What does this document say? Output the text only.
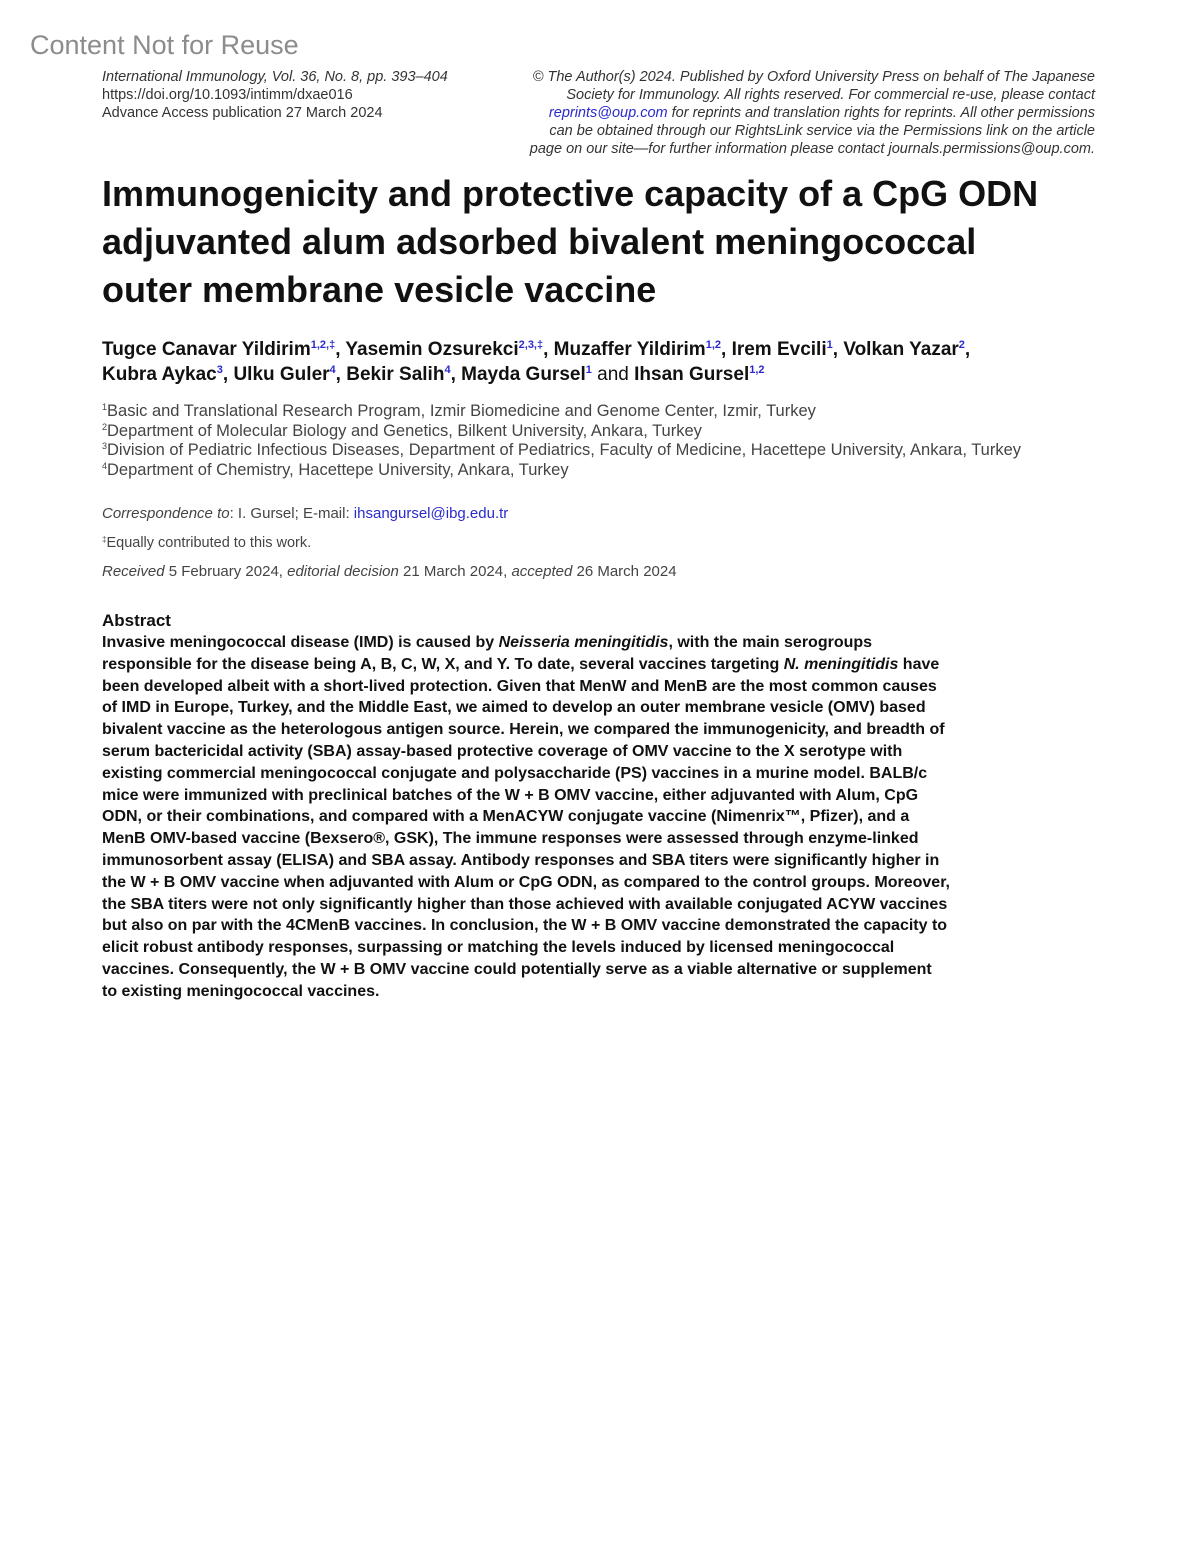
Content Not for Reuse
International Immunology, Vol. 36, No. 8, pp. 393–404
https://doi.org/10.1093/intimm/dxae016
Advance Access publication 27 March 2024
© The Author(s) 2024. Published by Oxford University Press on behalf of The Japanese
Society for Immunology. All rights reserved. For commercial re-use, please contact
reprints@oup.com for reprints and translation rights for reprints. All other permissions
can be obtained through our RightsLink service via the Permissions link on the article
page on our site—for further information please contact journals.permissions@oup.com.
Immunogenicity and protective capacity of a CpG ODN adjuvanted alum adsorbed bivalent meningococcal outer membrane vesicle vaccine
Tugce Canavar Yildirim$^{1,2,\ddagger}$, Yasemin Ozsurekci$^{2,3,\ddagger}$, Muzaffer Yildirim$^{1,2}$, Irem Evcili$^1$, Volkan Yazar$^2$,
Kubra Aykac$^3$, Ulku Guler$^4$, Bekir Salih$^4$, Mayda Gursel$^1$ and Ihsan Gursel$^{1,2}$
$^1$Basic and Translational Research Program, Izmir Biomedicine and Genome Center, Izmir, Turkey
$^2$Department of Molecular Biology and Genetics, Bilkent University, Ankara, Turkey
$^3$Division of Pediatric Infectious Diseases, Department of Pediatrics, Faculty of Medicine, Hacettepe University, Ankara, Turkey
$^4$Department of Chemistry, Hacettepe University, Ankara, Turkey
Correspondence to: I. Gursel; E-mail: ihsangursel@ibg.edu.tr
‡Equally contributed to this work.
Received 5 February 2024, editorial decision 21 March 2024, accepted 26 March 2024
Abstract

Invasive meningococcal disease (IMD) is caused by Neisseria meningitidis, with the main serogroups responsible for the disease being A, B, C, W, X, and Y. To date, several vaccines targeting N. meningitidis have been developed albeit with a short-lived protection. Given that MenW and MenB are the most common causes of IMD in Europe, Turkey, and the Middle East, we aimed to develop an outer membrane vesicle (OMV) based bivalent vaccine as the heterologous antigen source. Herein, we compared the immunogenicity, and breadth of serum bactericidal activity (SBA) assay-based protective coverage of OMV vaccine to the X serotype with existing commercial meningococcal conjugate and polysaccharide (PS) vaccines in a murine model. BALB/c mice were immunized with preclinical batches of the W + B OMV vaccine, either adjuvanted with Alum, CpG ODN, or their combinations, and compared with a MenACYW conjugate vaccine (Nimenrix™, Pfizer), and a MenB OMV-based vaccine (Bexsero®, GSK), The immune responses were assessed through enzyme-linked immunosorbent assay (ELISA) and SBA assay. Antibody responses and SBA titers were significantly higher in the W + B OMV vaccine when adjuvanted with Alum or CpG ODN, as compared to the control groups. Moreover, the SBA titers were not only significantly higher than those achieved with available conjugated ACYW vaccines but also on par with the 4CMenB vaccines. In conclusion, the W + B OMV vaccine demonstrated the capacity to elicit robust antibody responses, surpassing or matching the levels induced by licensed meningococcal vaccines. Consequently, the W + B OMV vaccine could potentially serve as a viable alternative or supplement to existing meningococcal vaccines.
